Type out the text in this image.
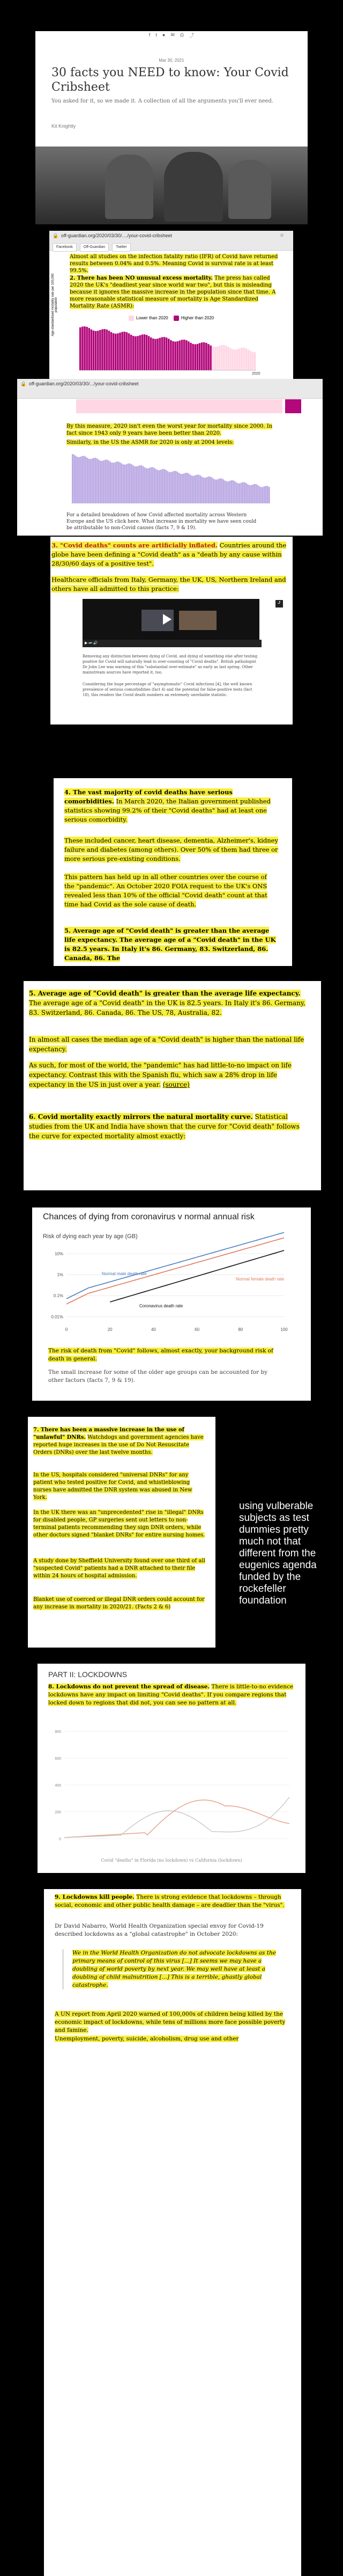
f t ● ✉ ⎙ ⤴
Mar 30, 2021
30 facts you NEED to know: Your Covid Cribsheet
You asked for it, so we made it. A collection of all the arguments you'll ever need.
Kit Knightly
🔒 off-guardian.org/2020/03/30/..../your-covid-cribsheet	☆
Facebook	Off-Guardian	Twitter
Almost all studies on the infection fatality ratio (IFR) of Covid have returned results between 0.04% and 0.5%. Meaning Covid is survival rate is at least 99.5%.
2. There has been NO unusual excess mortality. The press has called 2020 the UK's "deadliest year since world war two", but this is misleading because it ignores the massive increase in the population since that time. A more reasonable statistical measure of mortality is Age Standardized Mortality Rate (ASMR):
Lower than 2020	Higher than 2020
2020
Age-standardised mortality rate per 100,000 population
🔒 off-guardian.org/2020/03/30/.../your-covid-cribsheet
By this measure, 2020 isn't even the worst year for mortality since 2000. In fact since 1943 only 9 years have been better than 2020.
Similarly, in the US the ASMR for 2020 is only at 2004 levels:
For a detailed breakdown of how Covid affected mortality across Western Europe and the US click here. What increase in mortality we have seen could be attributable to non-Covid causes (facts 7, 9 & 19).
3. "Covid deaths" counts are artificially inflated. Countries around the globe have been defining a "Covid death" as a "death by any cause within 28/30/60 days of a positive test".
Healthcare officials from Italy, Germany, the UK, US, Northern Ireland and others have all admitted to this practice:
▶ ⏭ 🔊
⤴
Removing any distinction between dying of Covid, and dying of something else after testing positive for Covid will naturally lead to over-counting of "Covid deaths". British pathologist Dr John Lee was warning of this "substantial over-estimate" as early as last spring. Other mainstream sources have reported it, too.
Considering the huge percentage of "asymptomatic" Covid infections [4], the well known prevalence of serious comorbidities (fact 4) and the potential for false-positive tests (fact 18), this renders the Covid death numbers an extremely unreliable statistic.
4. The vast majority of covid deaths have serious comorbidities. In March 2020, the Italian government published statistics showing 99.2% of their "Covid deaths" had at least one serious comorbidity.
These included cancer, heart disease, dementia, Alzheimer's, kidney failure and diabetes (among others). Over 50% of them had three or more serious pre-existing conditions.
This pattern has held up in all other countries over the course of the "pandemic". An October 2020 FOIA request to the UK's ONS revealed less than 10% of the official "Covid death" count at that time had Covid as the sole cause of death.
5. Average age of "Covid death" is greater than the average life expectancy. The average age of a "Covid death" in the UK is 82.5 years. In Italy it's 86. Germany, 83. Switzerland, 86. Canada, 86. The
5. Average age of "Covid death" is greater than the average life expectancy. The average age of a "Covid death" in the UK is 82.5 years. In Italy it's 86. Germany, 83. Switzerland, 86. Canada, 86. The US, 78, Australia, 82.
In almost all cases the median age of a "Covid death" is higher than the national life expectancy.
As such, for most of the world, the "pandemic" has had little-to-no impact on life expectancy. Contrast this with the Spanish flu, which saw a 28% drop in life expectancy in the US in just over a year. (source)
6. Covid mortality exactly mirrors the natural mortality curve. Statistical studies from the UK and India have shown that the curve for "Covid death" follows the curve for expected mortality almost exactly:
Chances of dying from coronavirus v normal annual risk
Risk of dying each year by age (GB)
10%
1%
0.1%
0.01%
0	20	40	60	80	100
Normal male death rate
Normal female death rate
Coronavirus death rate
The risk of death from "Covid" follows, almost exactly, your background risk of death in general.
The small increase for some of the older age groups can be accounted for by other factors (facts 7, 9 & 19).
7. There has been a massive increase in the use of "unlawful" DNRs. Watchdogs and government agencies have reported huge increases in the use of Do Not Resuscitate Orders (DNRs) over the last twelve months.
In the US, hospitals considered "universal DNRs" for any patient who tested positive for Covid, and whistleblowing nurses have admitted the DNR system was abused in New York.
In the UK there was an "unprecedented" rise in "illegal" DNRs for disabled people, GP surgeries sent out letters to non-terminal patients recommending they sign DNR orders, while other doctors signed "blanket DNRs" for entire nursing homes.
A study done by Sheffield University found over one third of all "suspected Covid" patients had a DNR attached to their file within 24 hours of hospital admission.
Blanket use of coerced or illegal DNR orders could account for any increase in mortality in 2020/21. (Facts 2 & 6)
using vulberable subjects as test dummies pretty much not that different from the eugenics agenda funded by the rockefeller foundation
PART II: LOCKDOWNS
8. Lockdowns do not prevent the spread of disease. There is little-to-no evidence lockdowns have any impact on limiting "Covid deaths". If you compare regions that locked down to regions that did not, you can see no pattern at all.
800
600
400
200
0
Covid "deaths" in Florida (no lockdown) vs California (lockdown)
9. Lockdowns kill people. There is strong evidence that lockdowns – through social, economic and other public health damage – are deadlier than the "virus".
Dr David Nabarro, World Health Organization special envoy for Covid-19 described lockdowns as a "global catastrophe" in October 2020:
We in the World Health Organization do not advocate lockdowns as the primary means of control of this virus [...] It seems we may have a doubling of world poverty by next year. We may well have at least a doubling of child malnutrition [...] This is a terrible, ghastly global catastrophe.
A UN report from April 2020 warned of 100,000s of children being killed by the economic impact of lockdowns, while tens of millions more face possible poverty and famine.
Unemployment, poverty, suicide, alcoholism, drug use and other
